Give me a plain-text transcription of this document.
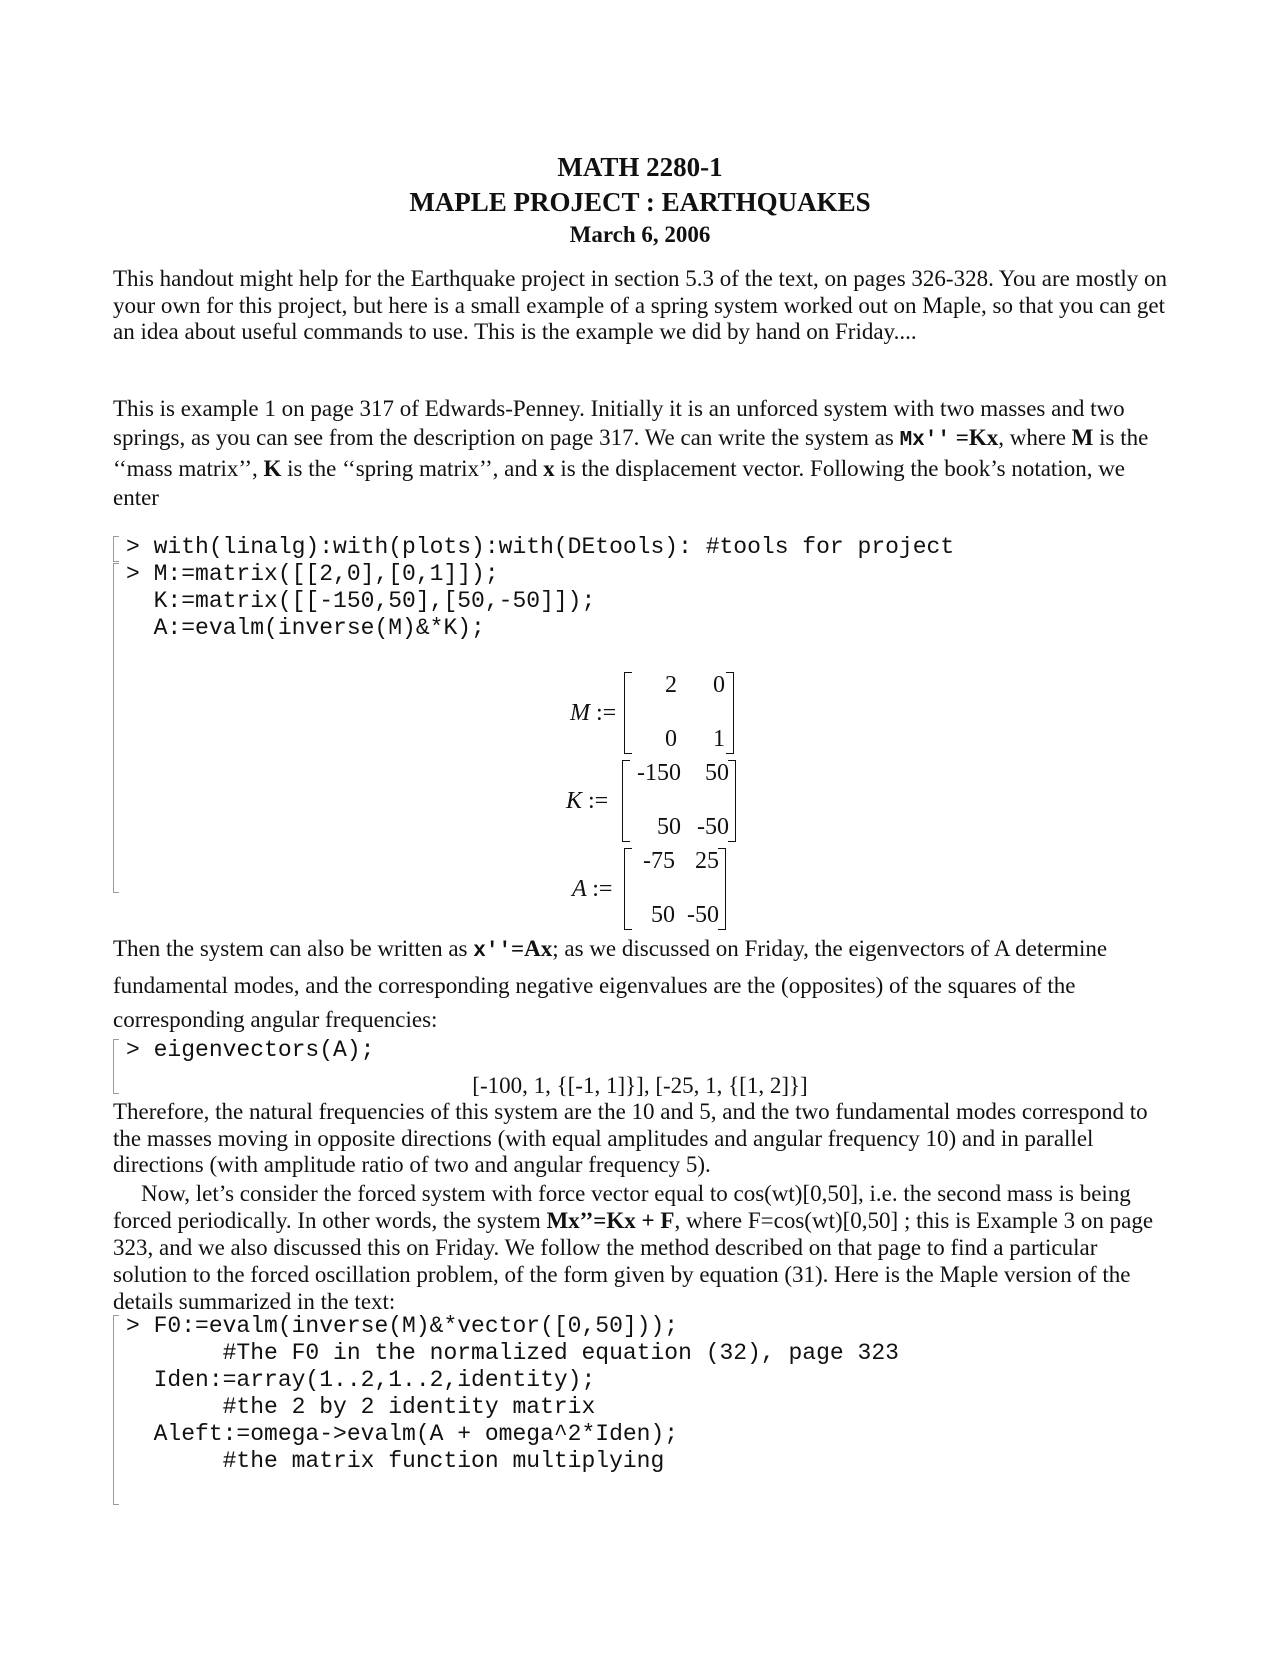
MATH 2280-1
MAPLE PROJECT : EARTHQUAKES
March 6, 2006

This handout might help for the Earthquake project in section 5.3 of the text, on pages 326-328. You are mostly on your own for this project, but here is a small example of a spring system worked out on Maple, so that you can get an idea about useful commands to use. This is the example we did by hand on Friday....

This is example 1 on page 317 of Edwards-Penney. Initially it is an unforced system with two masses and two springs, as you can see from the description on page 317. We can write the system as Mx'' =Kx, where M is the ‘‘mass matrix’’, K is the ‘‘spring matrix’’, and x is the displacement vector. Following the book’s notation, we enter

> with(linalg):with(plots):with(DEtools): #tools for project
> M:=matrix([[2,0],[0,1]]);
K:=matrix([[-150,50],[50,-50]]);
A:=evalm(inverse(M)&*K);
M :=
2 0
0 1
K :=
-150 50
50 -50
A :=
-75 25
50 -50

Then the system can also be written as x''=Ax; as we discussed on Friday, the eigenvectors of A determine fundamental modes, and the corresponding negative eigenvalues are the (opposites) of the squares of the corresponding angular frequencies:

> eigenvectors(A);
[-100, 1, {[-1, 1]}], [-25, 1, {[1, 2]}]

Therefore, the natural frequencies of this system are the 10 and 5, and the two fundamental modes correspond to the masses moving in opposite directions (with equal amplitudes and angular frequency 10) and in parallel directions (with amplitude ratio of two and angular frequency 5).

Now, let’s consider the forced system with force vector equal to cos(wt)[0,50], i.e. the second mass is being forced periodically. In other words, the system Mx’’=Kx + F, where F=cos(wt)[0,50] ; this is Example 3 on page 323, and we also discussed this on Friday. We follow the method described on that page to find a particular solution to the forced oscillation problem, of the form given by equation (31). Here is the Maple version of the details summarized in the text:

> F0:=evalm(inverse(M)&*vector([0,50]));
#The F0 in the normalized equation (32), page 323
Iden:=array(1..2,1..2,identity);
#the 2 by 2 identity matrix
Aleft:=omega->evalm(A + omega^2*Iden);
#the matrix function multiplying
